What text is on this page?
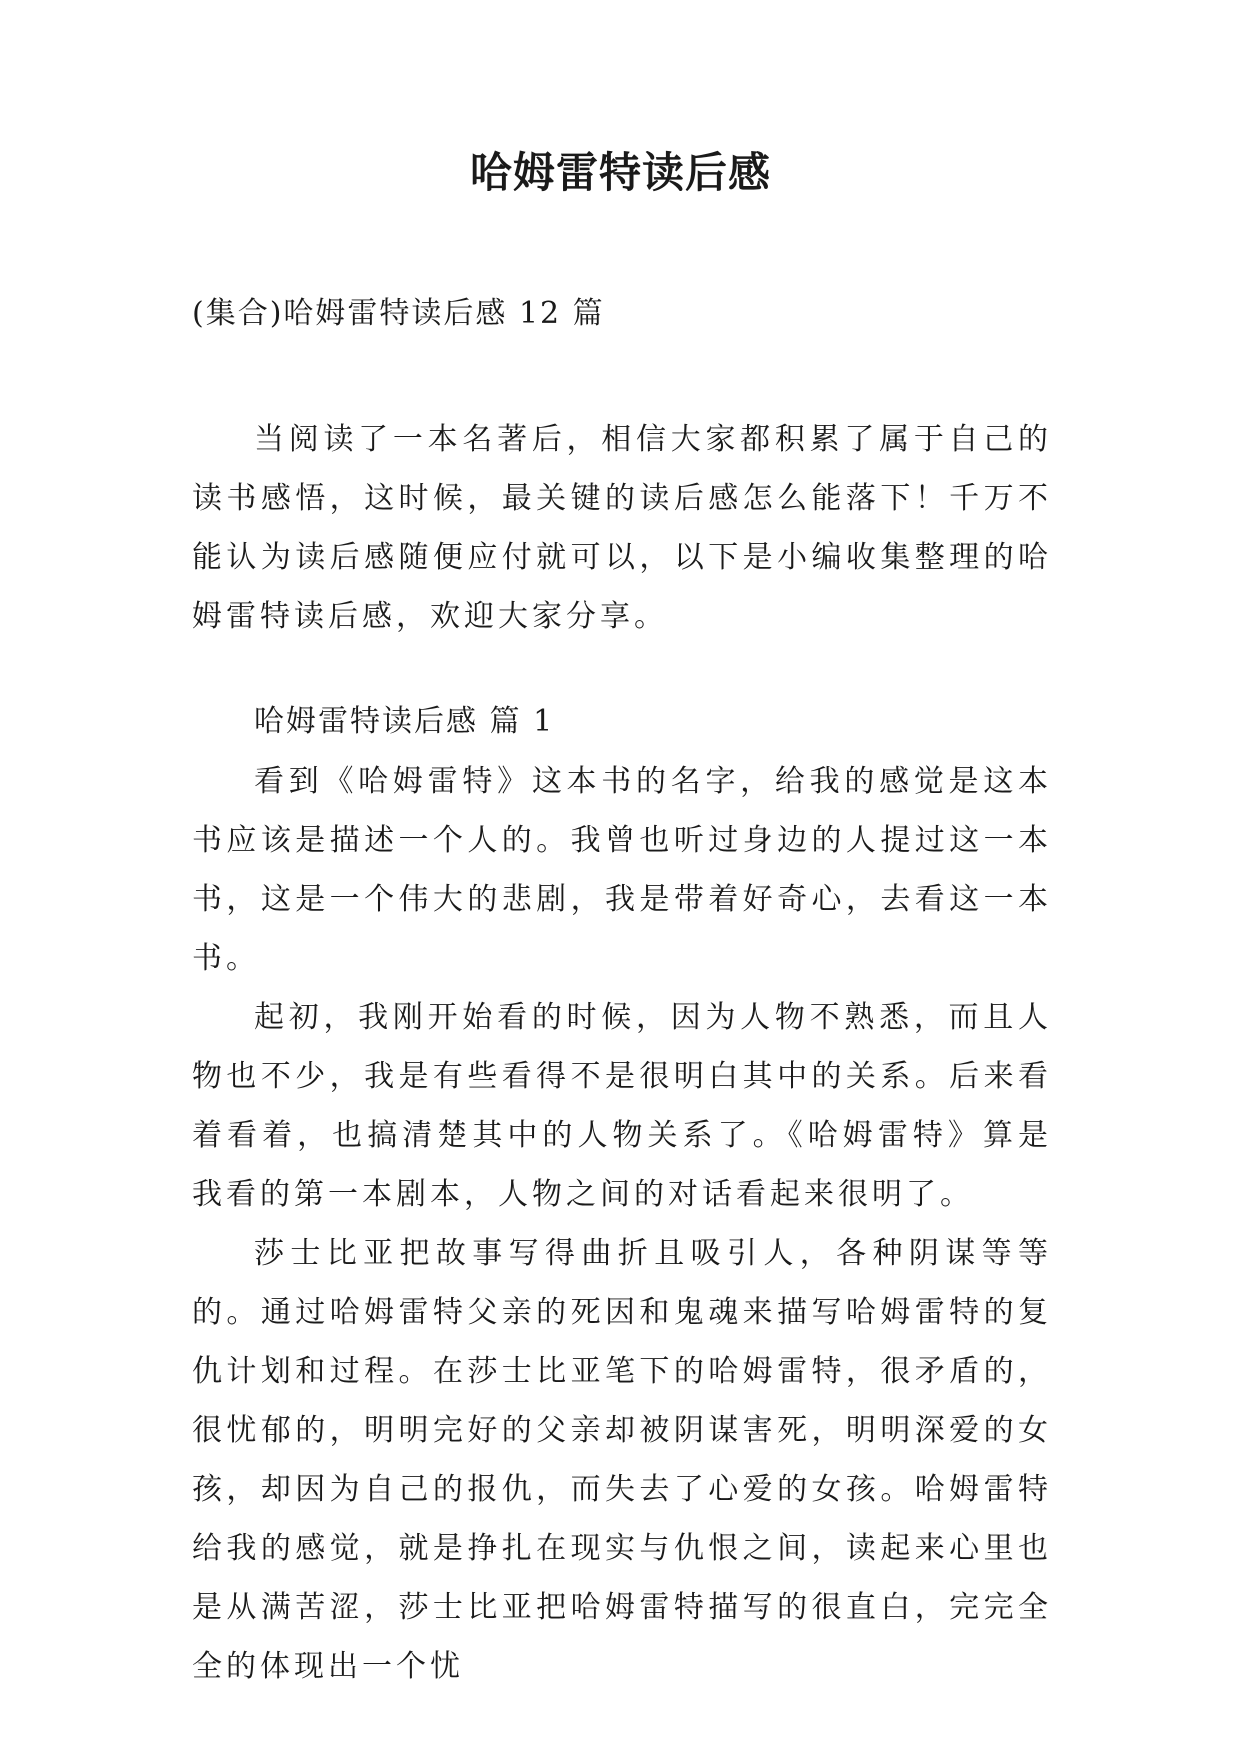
哈姆雷特读后感

(集合)哈姆雷特读后感 12 篇

当阅读了一本名著后，相信大家都积累了属于自己的读书感悟，这时候，最关键的读后感怎么能落下！千万不能认为读后感随便应付就可以，以下是小编收集整理的哈姆雷特读后感，欢迎大家分享。

哈姆雷特读后感 篇 1

看到《哈姆雷特》这本书的名字，给我的感觉是这本书应该是描述一个人的。我曾也听过身边的人提过这一本书，这是一个伟大的悲剧，我是带着好奇心，去看这一本书。

起初，我刚开始看的时候，因为人物不熟悉，而且人物也不少，我是有些看得不是很明白其中的关系。后来看着看着，也搞清楚其中的人物关系了。《哈姆雷特》算是我看的第一本剧本，人物之间的对话看起来很明了。

莎士比亚把故事写得曲折且吸引人，各种阴谋等等的。通过哈姆雷特父亲的死因和鬼魂来描写哈姆雷特的复仇计划和过程。在莎士比亚笔下的哈姆雷特，很矛盾的，很忧郁的，明明完好的父亲却被阴谋害死，明明深爱的女孩，却因为自己的报仇，而失去了心爱的女孩。哈姆雷特给我的感觉，就是挣扎在现实与仇恨之间，读起来心里也是从满苦涩，莎士比亚把哈姆雷特描写的很直白，完完全全的体现出一个忧
